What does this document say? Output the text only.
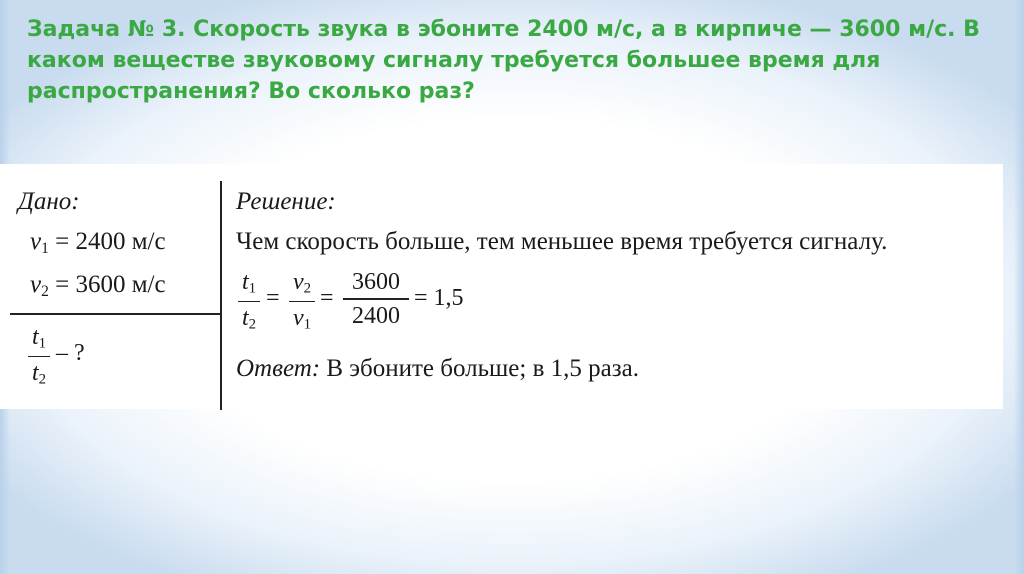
Задача № 3. Скорость звука в эбоните 2400 м/с, а в кирпиче — 3600 м/с. В каком веществе звуковому сигналу требуется большее время для распространения? Во сколько раз?

Дано:
$v_1 = 2400$ м/с
$v_2 = 3600$ м/с
$t_1$
$t_2$
– ?
Решение:
Чем скорость больше, тем меньшее время требуется сигналу.
$t_1$
$t_2$
=
$v_2$
$v_1$
=
3600
2400
= 1,5
Ответ: В эбоните больше; в 1,5 раза.
